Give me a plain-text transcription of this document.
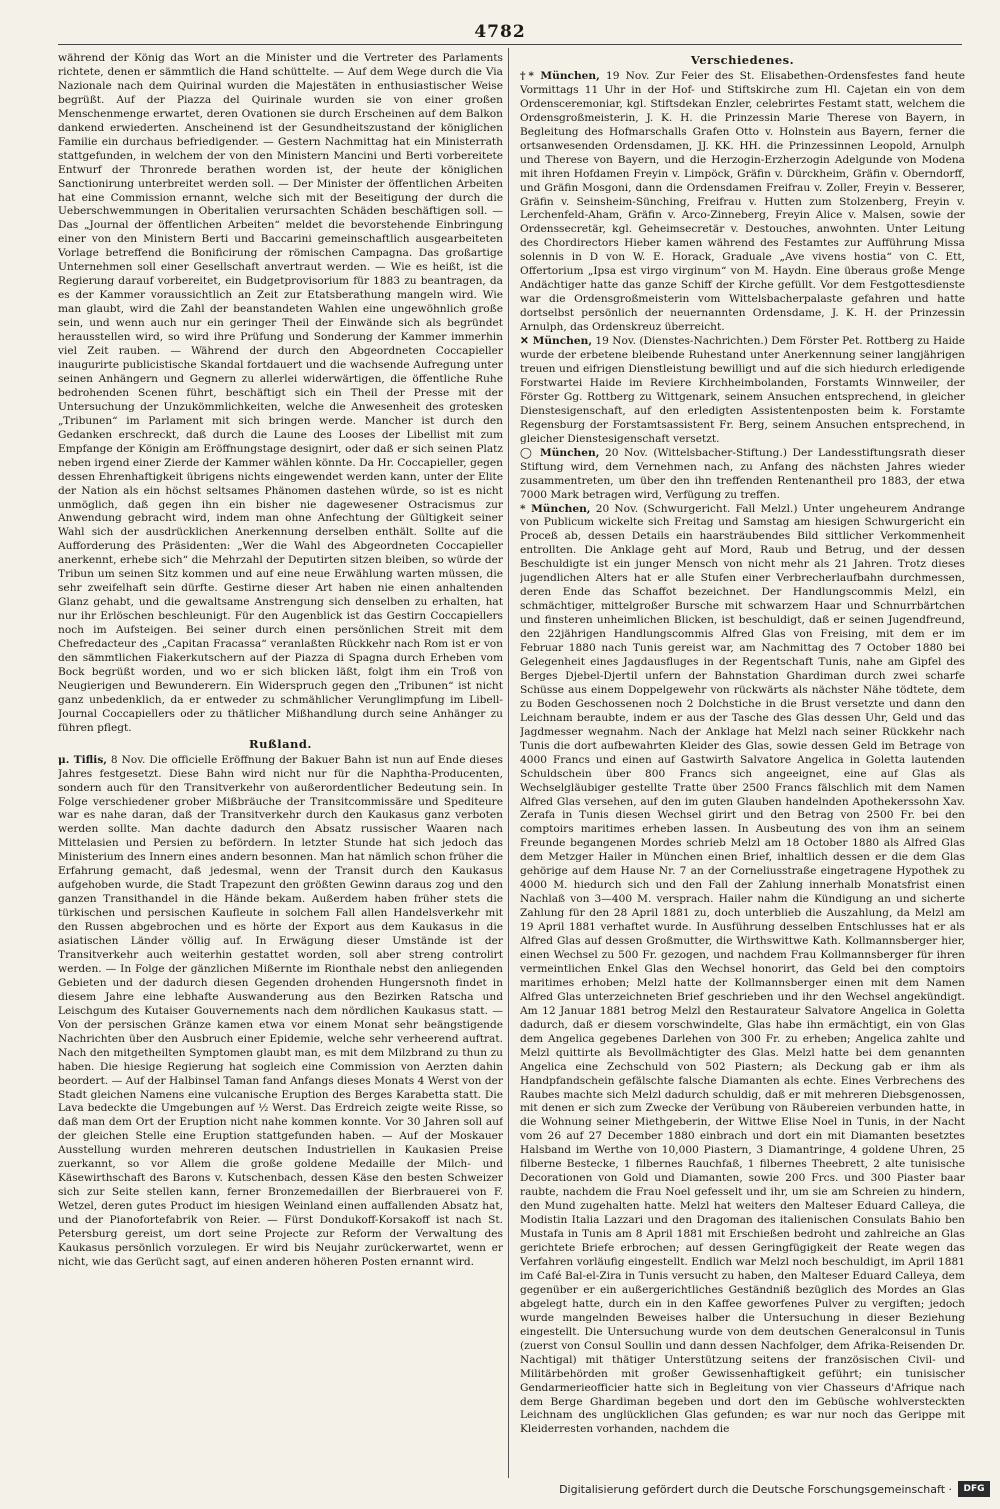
4782

während der König das Wort an die Minister und die Vertreter des Parlaments richtete, denen er sämmtlich die Hand schüttelte. — Auf dem Wege durch die Via Nazionale nach dem Quirinal wurden die Majestäten in enthusiastischer Weise begrüßt. Auf der Piazza del Quirinale wurden sie von einer großen Menschenmenge erwartet, deren Ovationen sie durch Erscheinen auf dem Balkon dankend erwiederten. Anscheinend ist der Gesundheitszustand der königlichen Familie ein durchaus befriedigender. — Gestern Nachmittag hat ein Ministerrath stattgefunden, in welchem der von den Ministern Mancini und Berti vorbereitete Entwurf der Thronrede berathen worden ist, der heute der königlichen Sanctionirung unterbreitet werden soll. — Der Minister der öffentlichen Arbeiten hat eine Commission ernannt, welche sich mit der Beseitigung der durch die Ueberschwemmungen in Oberitalien verursachten Schäden beschäftigen soll. — Das „Journal der öffentlichen Arbeiten“ meldet die bevorstehende Einbringung einer von den Ministern Berti und Baccarini gemeinschaftlich ausgearbeiteten Vorlage betreffend die Bonificirung der römischen Campagna. Das großartige Unternehmen soll einer Gesellschaft anvertraut werden. — Wie es heißt, ist die Regierung darauf vorbereitet, ein Budgetprovisorium für 1883 zu beantragen, da es der Kammer voraussichtlich an Zeit zur Etatsberathung mangeln wird. Wie man glaubt, wird die Zahl der beanstandeten Wahlen eine ungewöhnlich große sein, und wenn auch nur ein geringer Theil der Einwände sich als begründet herausstellen wird, so wird ihre Prüfung und Sonderung der Kammer immerhin viel Zeit rauben. — Während der durch den Abgeordneten Coccapieller inaugurirte publicistische Skandal fortdauert und die wachsende Aufregung unter seinen Anhängern und Gegnern zu allerlei widerwärtigen, die öffentliche Ruhe bedrohenden Scenen führt, beschäftigt sich ein Theil der Presse mit der Untersuchung der Unzukömmlichkeiten, welche die Anwesenheit des grotesken „Tribunen“ im Parlament mit sich bringen werde. Mancher ist durch den Gedanken erschreckt, daß durch die Laune des Looses der Libellist mit zum Empfange der Königin am Eröffnungstage designirt, oder daß er sich seinen Platz neben irgend einer Zierde der Kammer wählen könnte. Da Hr. Coccapieller, gegen dessen Ehrenhaftigkeit übrigens nichts eingewendet werden kann, unter der Elite der Nation als ein höchst seltsames Phänomen dastehen würde, so ist es nicht unmöglich, daß gegen ihn ein bisher nie dagewesener Ostracismus zur Anwendung gebracht wird, indem man ohne Anfechtung der Gültigkeit seiner Wahl sich der ausdrücklichen Anerkennung derselben enthält. Sollte auf die Aufforderung des Präsidenten: „Wer die Wahl des Abgeordneten Coccapieller anerkennt, erhebe sich“ die Mehrzahl der Deputirten sitzen bleiben, so würde der Tribun um seinen Sitz kommen und auf eine neue Erwählung warten müssen, die sehr zweifelhaft sein dürfte. Gestirne dieser Art haben nie einen anhaltenden Glanz gehabt, und die gewaltsame Anstrengung sich denselben zu erhalten, hat nur ihr Erlöschen beschleunigt. Für den Augenblick ist das Gestirn Coccapiellers noch im Aufsteigen. Bei seiner durch einen persönlichen Streit mit dem Chefredacteur des „Capitan Fracassa“ veranlaßten Rückkehr nach Rom ist er von den sämmtlichen Fiakerkutschern auf der Piazza di Spagna durch Erheben vom Bock begrüßt worden, und wo er sich blicken läßt, folgt ihm ein Troß von Neugierigen und Bewunderern. Ein Widerspruch gegen den „Tribunen“ ist nicht ganz unbedenklich, da er entweder zu schmählicher Verunglimpfung im Libell-Journal Coccapiellers oder zu thätlicher Mißhandlung durch seine Anhänger zu führen pflegt.

Rußland.

μ. Tiflis, 8 Nov. Die officielle Eröffnung der Bakuer Bahn ist nun auf Ende dieses Jahres festgesetzt. Diese Bahn wird nicht nur für die Naphtha-Producenten, sondern auch für den Transitverkehr von außerordentlicher Bedeutung sein. In Folge verschiedener grober Mißbräuche der Transitcommissäre und Spediteure war es nahe daran, daß der Transitverkehr durch den Kaukasus ganz verboten werden sollte. Man dachte dadurch den Absatz russischer Waaren nach Mittelasien und Persien zu befördern. In letzter Stunde hat sich jedoch das Ministerium des Innern eines andern besonnen. Man hat nämlich schon früher die Erfahrung gemacht, daß jedesmal, wenn der Transit durch den Kaukasus aufgehoben wurde, die Stadt Trapezunt den größten Gewinn daraus zog und den ganzen Transithandel in die Hände bekam. Außerdem haben früher stets die türkischen und persischen Kaufleute in solchem Fall allen Handelsverkehr mit den Russen abgebrochen und es hörte der Export aus dem Kaukasus in die asiatischen Länder völlig auf. In Erwägung dieser Umstände ist der Transitverkehr auch weiterhin gestattet worden, soll aber streng controlirt werden. — In Folge der gänzlichen Mißernte im Rionthale nebst den anliegenden Gebieten und der dadurch diesen Gegenden drohenden Hungersnoth findet in diesem Jahre eine lebhafte Auswanderung aus den Bezirken Ratscha und Leischgum des Kutaiser Gouvernements nach dem nördlichen Kaukasus statt. — Von der persischen Gränze kamen etwa vor einem Monat sehr beängstigende Nachrichten über den Ausbruch einer Epidemie, welche sehr verheerend auftrat. Nach den mitgetheilten Symptomen glaubt man, es mit dem Milzbrand zu thun zu haben. Die hiesige Regierung hat sogleich eine Commission von Aerzten dahin beordert. — Auf der Halbinsel Taman fand Anfangs dieses Monats 4 Werst von der Stadt gleichen Namens eine vulcanische Eruption des Berges Karabetta statt. Die Lava bedeckte die Umgebungen auf ½ Werst. Das Erdreich zeigte weite Risse, so daß man dem Ort der Eruption nicht nahe kommen konnte. Vor 30 Jahren soll auf der gleichen Stelle eine Eruption stattgefunden haben. — Auf der Moskauer Ausstellung wurden mehreren deutschen Industriellen in Kaukasien Preise zuerkannt, so vor Allem die große goldene Medaille der Milch- und Käsewirthschaft des Barons v. Kutschenbach, dessen Käse den besten Schweizer sich zur Seite stellen kann, ferner Bronzemedaillen der Bierbrauerei von F. Wetzel, deren gutes Product im hiesigen Weinland einen auffallenden Absatz hat, und der Pianofortefabrik von Reier. — Fürst Dondukoff-Korsakoff ist nach St. Petersburg gereist, um dort seine Projecte zur Reform der Verwaltung des Kaukasus persönlich vorzulegen. Er wird bis Neujahr zurückerwartet, wenn er nicht, wie das Gerücht sagt, auf einen anderen höheren Posten ernannt wird.

Verschiedenes.

†* München, 19 Nov. Zur Feier des St. Elisabethen-Ordensfestes fand heute Vormittags 11 Uhr in der Hof- und Stiftskirche zum Hl. Cajetan ein von dem Ordensceremoniar, kgl. Stiftsdekan Enzler, celebrirtes Festamt statt, welchem die Ordensgroßmeisterin, J. K. H. die Prinzessin Marie Therese von Bayern, in Begleitung des Hofmarschalls Grafen Otto v. Holnstein aus Bayern, ferner die ortsanwesenden Ordensdamen, JJ. KK. HH. die Prinzessinnen Leopold, Arnulph und Therese von Bayern, und die Herzogin-Erzherzogin Adelgunde von Modena mit ihren Hofdamen Freyin v. Limpöck, Gräfin v. Dürckheim, Gräfin v. Oberndorff, und Gräfin Mosgoni, dann die Ordensdamen Freifrau v. Zoller, Freyin v. Besserer, Gräfin v. Seinsheim-Sünching, Freifrau v. Hutten zum Stolzenberg, Freyin v. Lerchenfeld-Aham, Gräfin v. Arco-Zinneberg, Freyin Alice v. Malsen, sowie der Ordenssecretär, kgl. Geheimsecretär v. Destouches, anwohnten. Unter Leitung des Chordirectors Hieber kamen während des Festamtes zur Aufführung Missa solennis in D von W. E. Horack, Graduale „Ave vivens hostia“ von C. Ett, Offertorium „Ipsa est virgo virginum“ von M. Haydn. Eine überaus große Menge Andächtiger hatte das ganze Schiff der Kirche gefüllt. Vor dem Festgottesdienste war die Ordensgroßmeisterin vom Wittelsbacherpalaste gefahren und hatte dortselbst persönlich der neuernannten Ordensdame, J. K. H. der Prinzessin Arnulph, das Ordenskreuz überreicht.

✕ München, 19 Nov. (Dienstes-Nachrichten.) Dem Förster Pet. Rottberg zu Haide wurde der erbetene bleibende Ruhestand unter Anerkennung seiner langjährigen treuen und eifrigen Dienstleistung bewilligt und auf die sich hiedurch erledigende Forstwartei Haide im Reviere Kirchheimbolanden, Forstamts Winnweiler, der Förster Gg. Rottberg zu Wittgenark, seinem Ansuchen entsprechend, in gleicher Dienstesigenschaft, auf den erledigten Assistentenposten beim k. Forstamte Regensburg der Forstamtsassistent Fr. Berg, seinem Ansuchen entsprechend, in gleicher Dienstesigenschaft versetzt.

◯ München, 20 Nov. (Wittelsbacher-Stiftung.) Der Landesstiftungsrath dieser Stiftung wird, dem Vernehmen nach, zu Anfang des nächsten Jahres wieder zusammentreten, um über den ihn treffenden Rentenantheil pro 1883, der etwa 7000 Mark betragen wird, Verfügung zu treffen.

* München, 20 Nov. (Schwurgericht. Fall Melzl.) Unter ungeheurem Andrange von Publicum wickelte sich Freitag und Samstag am hiesigen Schwurgericht ein Proceß ab, dessen Details ein haarsträubendes Bild sittlicher Verkommenheit entrollten. Die Anklage geht auf Mord, Raub und Betrug, und der dessen Beschuldigte ist ein junger Mensch von nicht mehr als 21 Jahren. Trotz dieses jugendlichen Alters hat er alle Stufen einer Verbrecherlaufbahn durchmessen, deren Ende das Schaffot bezeichnet. Der Handlungscommis Melzl, ein schmächtiger, mittelgroßer Bursche mit schwarzem Haar und Schnurrbärtchen und finsteren unheimlichen Blicken, ist beschuldigt, daß er seinen Jugendfreund, den 22jährigen Handlungscommis Alfred Glas von Freising, mit dem er im Februar 1880 nach Tunis gereist war, am Nachmittag des 7 October 1880 bei Gelegenheit eines Jagdausfluges in der Regentschaft Tunis, nahe am Gipfel des Berges Djebel-Djertil unfern der Bahnstation Ghardiman durch zwei scharfe Schüsse aus einem Doppelgewehr von rückwärts als nächster Nähe tödtete, dem zu Boden Geschossenen noch 2 Dolchstiche in die Brust versetzte und dann den Leichnam beraubte, indem er aus der Tasche des Glas dessen Uhr, Geld und das Jagdmesser wegnahm. Nach der Anklage hat Melzl nach seiner Rückkehr nach Tunis die dort aufbewahrten Kleider des Glas, sowie dessen Geld im Betrage von 4000 Francs und einen auf Gastwirth Salvatore Angelica in Goletta lautenden Schuldschein über 800 Francs sich angeeignet, eine auf Glas als Wechselgläubiger gestellte Tratte über 2500 Francs fälschlich mit dem Namen Alfred Glas versehen, auf den im guten Glauben handelnden Apothekerssohn Xav. Zerafa in Tunis diesen Wechsel girirt und den Betrag von 2500 Fr. bei den comptoirs maritimes erheben lassen. In Ausbeutung des von ihm an seinem Freunde begangenen Mordes schrieb Melzl am 18 October 1880 als Alfred Glas dem Metzger Hailer in München einen Brief, inhaltlich dessen er die dem Glas gehörige auf dem Hause Nr. 7 an der Corneliusstraße eingetragene Hypothek zu 4000 M. hiedurch sich und den Fall der Zahlung innerhalb Monatsfrist einen Nachlaß von 3—400 M. versprach. Hailer nahm die Kündigung an und sicherte Zahlung für den 28 April 1881 zu, doch unterblieb die Auszahlung, da Melzl am 19 April 1881 verhaftet wurde. In Ausführung desselben Entschlusses hat er als Alfred Glas auf dessen Großmutter, die Wirthswittwe Kath. Kollmannsberger hier, einen Wechsel zu 500 Fr. gezogen, und nachdem Frau Kollmannsberger für ihren vermeintlichen Enkel Glas den Wechsel honorirt, das Geld bei den comptoirs maritimes erhoben; Melzl hatte der Kollmannsberger einen mit dem Namen Alfred Glas unterzeichneten Brief geschrieben und ihr den Wechsel angekündigt. Am 12 Januar 1881 betrog Melzl den Restaurateur Salvatore Angelica in Goletta dadurch, daß er diesem vorschwindelte, Glas habe ihn ermächtigt, ein von Glas dem Angelica gegebenes Darlehen von 300 Fr. zu erheben; Angelica zahlte und Melzl quittirte als Bevollmächtigter des Glas. Melzl hatte bei dem genannten Angelica eine Zechschuld von 502 Piastern; als Deckung gab er ihm als Handpfandschein gefälschte falsche Diamanten als echte. Eines Verbrechens des Raubes machte sich Melzl dadurch schuldig, daß er mit mehreren Diebsgenossen, mit denen er sich zum Zwecke der Verübung von Räubereien verbunden hatte, in die Wohnung seiner Miethgeberin, der Wittwe Elise Noel in Tunis, in der Nacht vom 26 auf 27 December 1880 einbrach und dort ein mit Diamanten besetztes Halsband im Werthe von 10,000 Piastern, 3 Diamantringe, 4 goldene Uhren, 25 filberne Bestecke, 1 filbernes Rauchfaß, 1 filbernes Theebrett, 2 alte tunisische Decorationen von Gold und Diamanten, sowie 200 Frcs. und 300 Piaster baar raubte, nachdem die Frau Noel gefesselt und ihr, um sie am Schreien zu hindern, den Mund zugehalten hatte. Melzl hat weiters den Malteser Eduard Calleya, die Modistin Italia Lazzari und den Dragoman des italienischen Consulats Bahio ben Mustafa in Tunis am 8 April 1881 mit Erschießen bedroht und zahlreiche an Glas gerichtete Briefe erbrochen; auf dessen Geringfügigkeit der Reate wegen das Verfahren vorläufig eingestellt. Endlich war Melzl noch beschuldigt, im April 1881 im Café Bal-el-Zira in Tunis versucht zu haben, den Malteser Eduard Calleya, dem gegenüber er ein außergerichtliches Geständniß bezüglich des Mordes an Glas abgelegt hatte, durch ein in den Kaffee geworfenes Pulver zu vergiften; jedoch wurde mangelnden Beweises halber die Untersuchung in dieser Beziehung eingestellt. Die Untersuchung wurde von dem deutschen Generalconsul in Tunis (zuerst von Consul Soullin und dann dessen Nachfolger, dem Afrika-Reisenden Dr. Nachtigal) mit thätiger Unterstützung seitens der französischen Civil- und Militärbehörden mit großer Gewissenhaftigkeit geführt; ein tunisischer Gendarmerieofficier hatte sich in Begleitung von vier Chasseurs d'Afrique nach dem Berge Ghardiman begeben und dort den im Gebüsche wohlversteckten Leichnam des unglücklichen Glas gefunden; es war nur noch das Gerippe mit Kleiderresten vorhanden, nachdem die

Digitalisierung gefördert durch die Deutsche Forschungsgemeinschaft ·	DFG
